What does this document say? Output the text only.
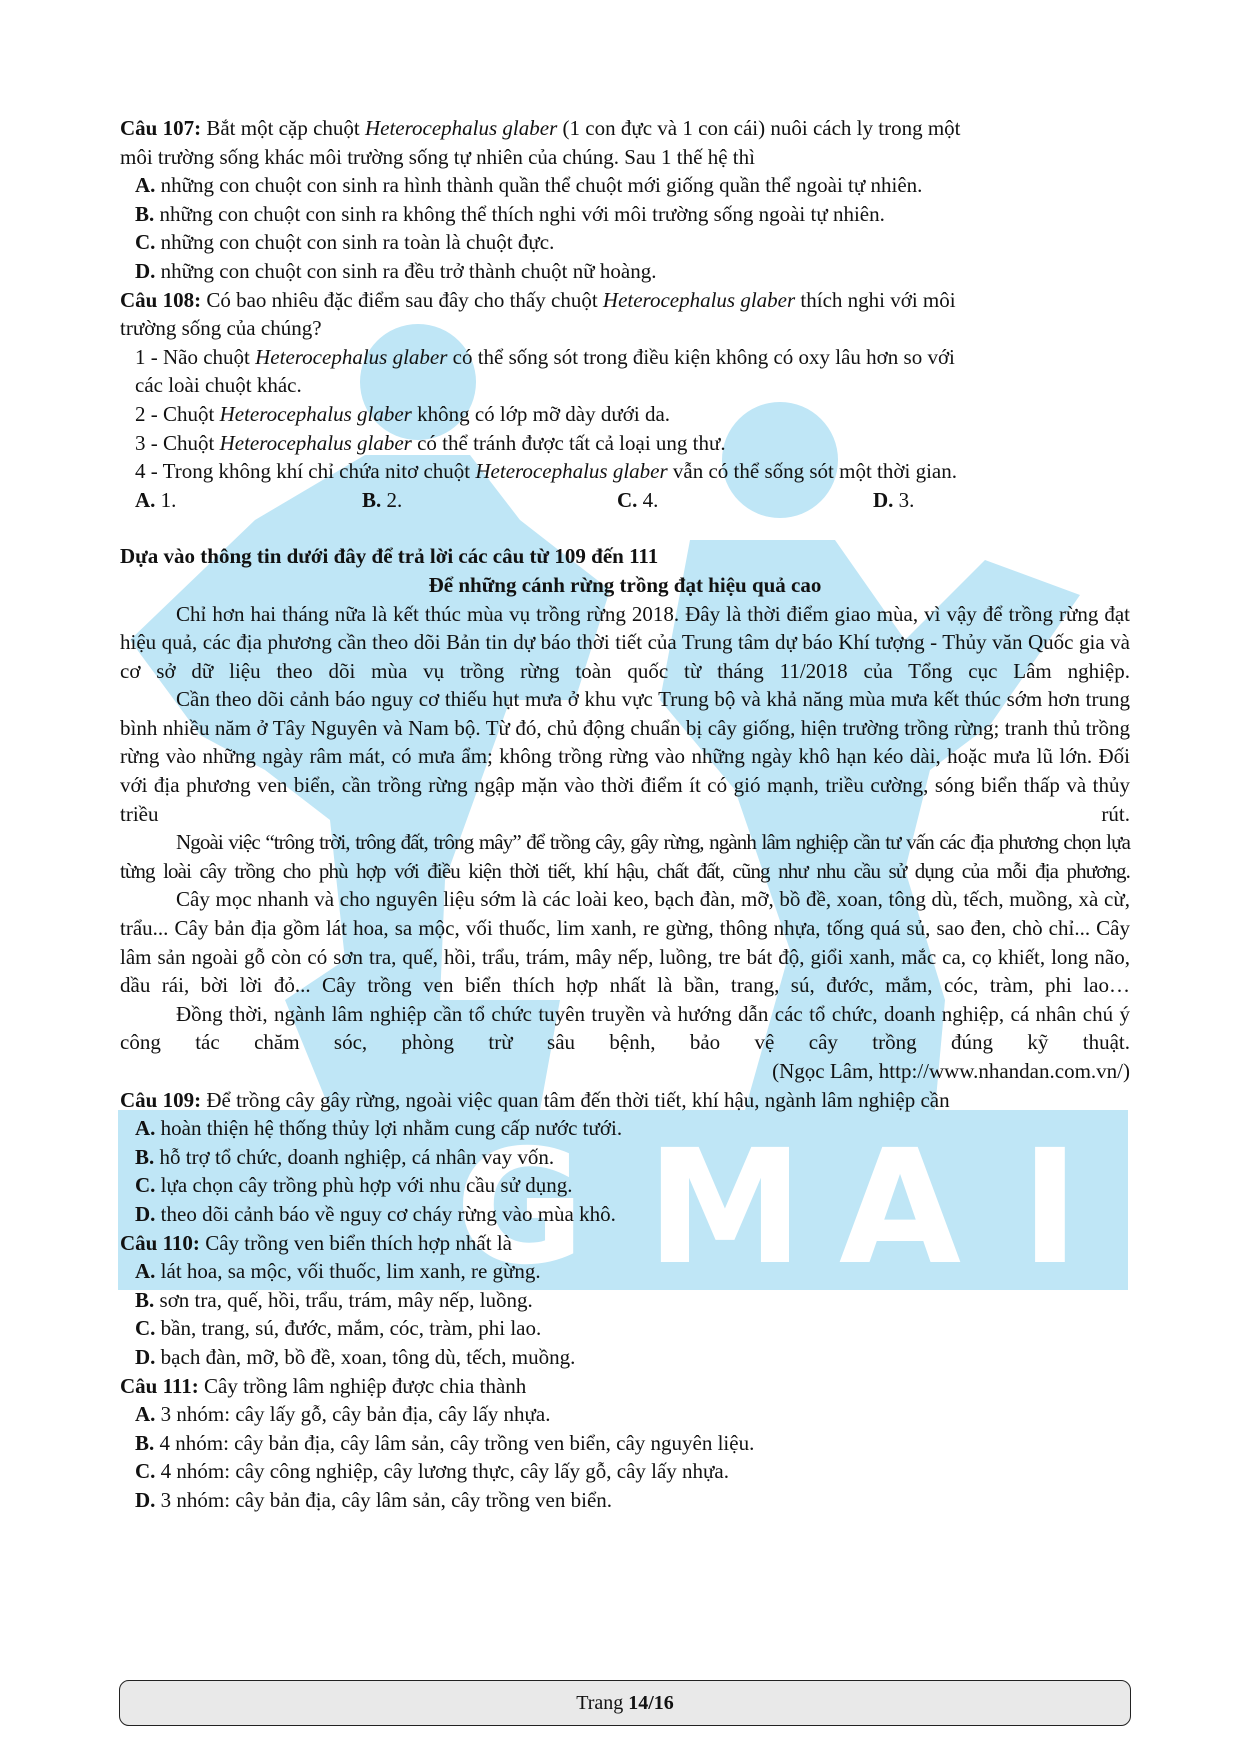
G M A I
Câu 107: Bắt một cặp chuột Heterocephalus glaber (1 con đực và 1 con cái) nuôi cách ly trong một
môi trường sống khác môi trường sống tự nhiên của chúng. Sau 1 thế hệ thì
A. những con chuột con sinh ra hình thành quần thể chuột mới giống quần thể ngoài tự nhiên.
B. những con chuột con sinh ra không thể thích nghi với môi trường sống ngoài tự nhiên.
C. những con chuột con sinh ra toàn là chuột đực.
D. những con chuột con sinh ra đều trở thành chuột nữ hoàng.
Câu 108: Có bao nhiêu đặc điểm sau đây cho thấy chuột Heterocephalus glaber thích nghi với môi
trường sống của chúng?
1 - Não chuột Heterocephalus glaber có thể sống sót trong điều kiện không có oxy lâu hơn so với
các loài chuột khác.
2 - Chuột Heterocephalus glaber không có lớp mỡ dày dưới da.
3 - Chuột Heterocephalus glaber có thể tránh được tất cả loại ung thư.
4 - Trong không khí chỉ chứa nitơ chuột Heterocephalus glaber vẫn có thể sống sót một thời gian.
A. 1.	B. 2.	C. 4.	D. 3.
Dựa vào thông tin dưới đây để trả lời các câu từ 109 đến 111
Để những cánh rừng trồng đạt hiệu quả cao
Chỉ hơn hai tháng nữa là kết thúc mùa vụ trồng rừng 2018. Đây là thời điểm giao mùa, vì vậy để trồng rừng đạt hiệu quả, các địa phương cần theo dõi Bản tin dự báo thời tiết của Trung tâm dự báo Khí tượng - Thủy văn Quốc gia và cơ sở dữ liệu theo dõi mùa vụ trồng rừng toàn quốc từ tháng 11/2018 của Tổng cục Lâm nghiệp.
Cần theo dõi cảnh báo nguy cơ thiếu hụt mưa ở khu vực Trung bộ và khả năng mùa mưa kết thúc sớm hơn trung bình nhiều năm ở Tây Nguyên và Nam bộ. Từ đó, chủ động chuẩn bị cây giống, hiện trường trồng rừng; tranh thủ trồng rừng vào những ngày râm mát, có mưa ẩm; không trồng rừng vào những ngày khô hạn kéo dài, hoặc mưa lũ lớn. Đối với địa phương ven biển, cần trồng rừng ngập mặn vào thời điểm ít có gió mạnh, triều cường, sóng biển thấp và thủy triều rút.
Ngoài việc “trông trời, trông đất, trông mây” để trồng cây, gây rừng, ngành lâm nghiệp cần tư vấn các địa phương chọn lựa từng loài cây trồng cho phù hợp với điều kiện thời tiết, khí hậu, chất đất, cũng như nhu cầu sử dụng của mỗi địa phương.
Cây mọc nhanh và cho nguyên liệu sớm là các loài keo, bạch đàn, mỡ, bồ đề, xoan, tông dù, tếch, muồng, xà cừ, trẩu... Cây bản địa gồm lát hoa, sa mộc, vối thuốc, lim xanh, re gừng, thông nhựa, tống quá sủ, sao đen, chò chỉ... Cây lâm sản ngoài gỗ còn có sơn tra, quế, hồi, trẩu, trám, mây nếp, luồng, tre bát độ, giổi xanh, mắc ca, cọ khiết, long não, dầu rái, bời lời đỏ... Cây trồng ven biển thích hợp nhất là bần, trang, sú, đước, mắm, cóc, tràm, phi lao…
Đồng thời, ngành lâm nghiệp cần tổ chức tuyên truyền và hướng dẫn các tổ chức, doanh nghiệp, cá nhân chú ý công tác chăm sóc, phòng trừ sâu bệnh, bảo vệ cây trồng đúng kỹ thuật.
(Ngọc Lâm, http://www.nhandan.com.vn/)
Câu 109: Để trồng cây gây rừng, ngoài việc quan tâm đến thời tiết, khí hậu, ngành lâm nghiệp cần
A. hoàn thiện hệ thống thủy lợi nhằm cung cấp nước tưới.
B. hỗ trợ tổ chức, doanh nghiệp, cá nhân vay vốn.
C. lựa chọn cây trồng phù hợp với nhu cầu sử dụng.
D. theo dõi cảnh báo về nguy cơ cháy rừng vào mùa khô.
Câu 110: Cây trồng ven biển thích hợp nhất là
A. lát hoa, sa mộc, vối thuốc, lim xanh, re gừng.
B. sơn tra, quế, hồi, trẩu, trám, mây nếp, luồng.
C. bần, trang, sú, đước, mắm, cóc, tràm, phi lao.
D. bạch đàn, mỡ, bồ đề, xoan, tông dù, tếch, muồng.
Câu 111: Cây trồng lâm nghiệp được chia thành
A. 3 nhóm: cây lấy gỗ, cây bản địa, cây lấy nhựa.
B. 4 nhóm: cây bản địa, cây lâm sản, cây trồng ven biển, cây nguyên liệu.
C. 4 nhóm: cây công nghiệp, cây lương thực, cây lấy gỗ, cây lấy nhựa.
D. 3 nhóm: cây bản địa, cây lâm sản, cây trồng ven biển.
Trang 14/16
